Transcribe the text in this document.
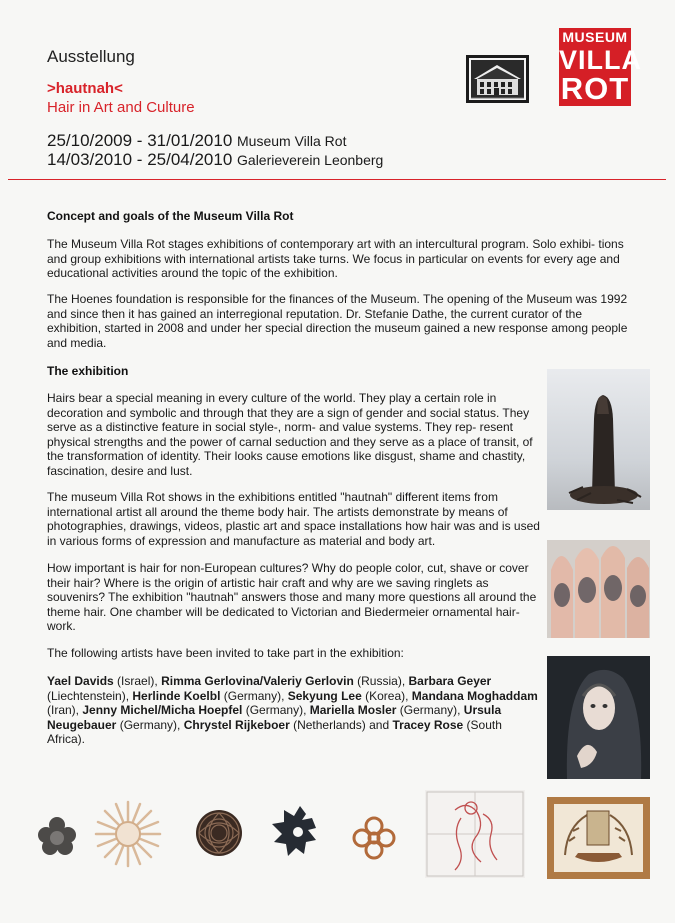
Ausstellung
>hautnah<
Hair in Art and Culture
25/10/2009 - 31/01/2010 Museum Villa Rot
14/03/2010 - 25/04/2010 Galerieverein Leonberg
MUSEUM
VILLA
ROT
Concept and goals of the Museum Villa Rot

The Museum Villa Rot stages exhibitions of contemporary art with an intercultural program. Solo exhibi- tions and group exhibitions with international artists take turns. We focus in particular on events for every age and educational activities around the topic of the exhibition.

The Hoenes foundation is responsible for the finances of the Museum. The opening of the Museum was 1992 and since then it has gained an interregional reputation. Dr. Stefanie Dathe, the current curator of the exhibition, started in 2008 and under her special direction the museum gained a new response among people and media.

The exhibition

Hairs bear a special meaning in every culture of the world. They play a certain role in decoration and symbolic and through that they are a sign of gender and social status. They serve as a distinctive feature in social style-, norm- and value systems. They rep- resent physical strengths and the power of carnal seduction and they serve as a place of transit, of the transformation of identity. Their looks cause emotions like disgust, shame and chastity, fascination, desire and lust.

The museum Villa Rot shows in the exhibitions entitled "hautnah" different items from international artist all around the theme body hair. The artists demonstrate by means of photographies, drawings, videos, plastic art and space installations how hair was and is used in various forms of expression and manufacture as material and body art.

How important is hair for non-European cultures? Why do people color, cut, shave or cover their hair? Where is the origin of artistic hair craft and why are we saving ringlets as souvenirs? The exhibition "hautnah" answers those and many more questions all around the theme hair. One chamber will be dedicated to Victorian and Biedermeier ornamental hair-work.

The following artists have been invited to take part in the exhibition:

Yael Davids (Israel), Rimma Gerlovina/Valeriy Gerlovin (Russia), Barbara Geyer (Liechtenstein), Herlinde Koelbl (Germany), Sekyung Lee (Korea), Mandana Moghaddam (Iran), Jenny Michel/Micha Hoepfel (Germany), Mariella Mosler (Germany), Ursula Neugebauer (Germany), Chrystel Rijkeboer (Netherlands) and Tracey Rose (South Africa).
